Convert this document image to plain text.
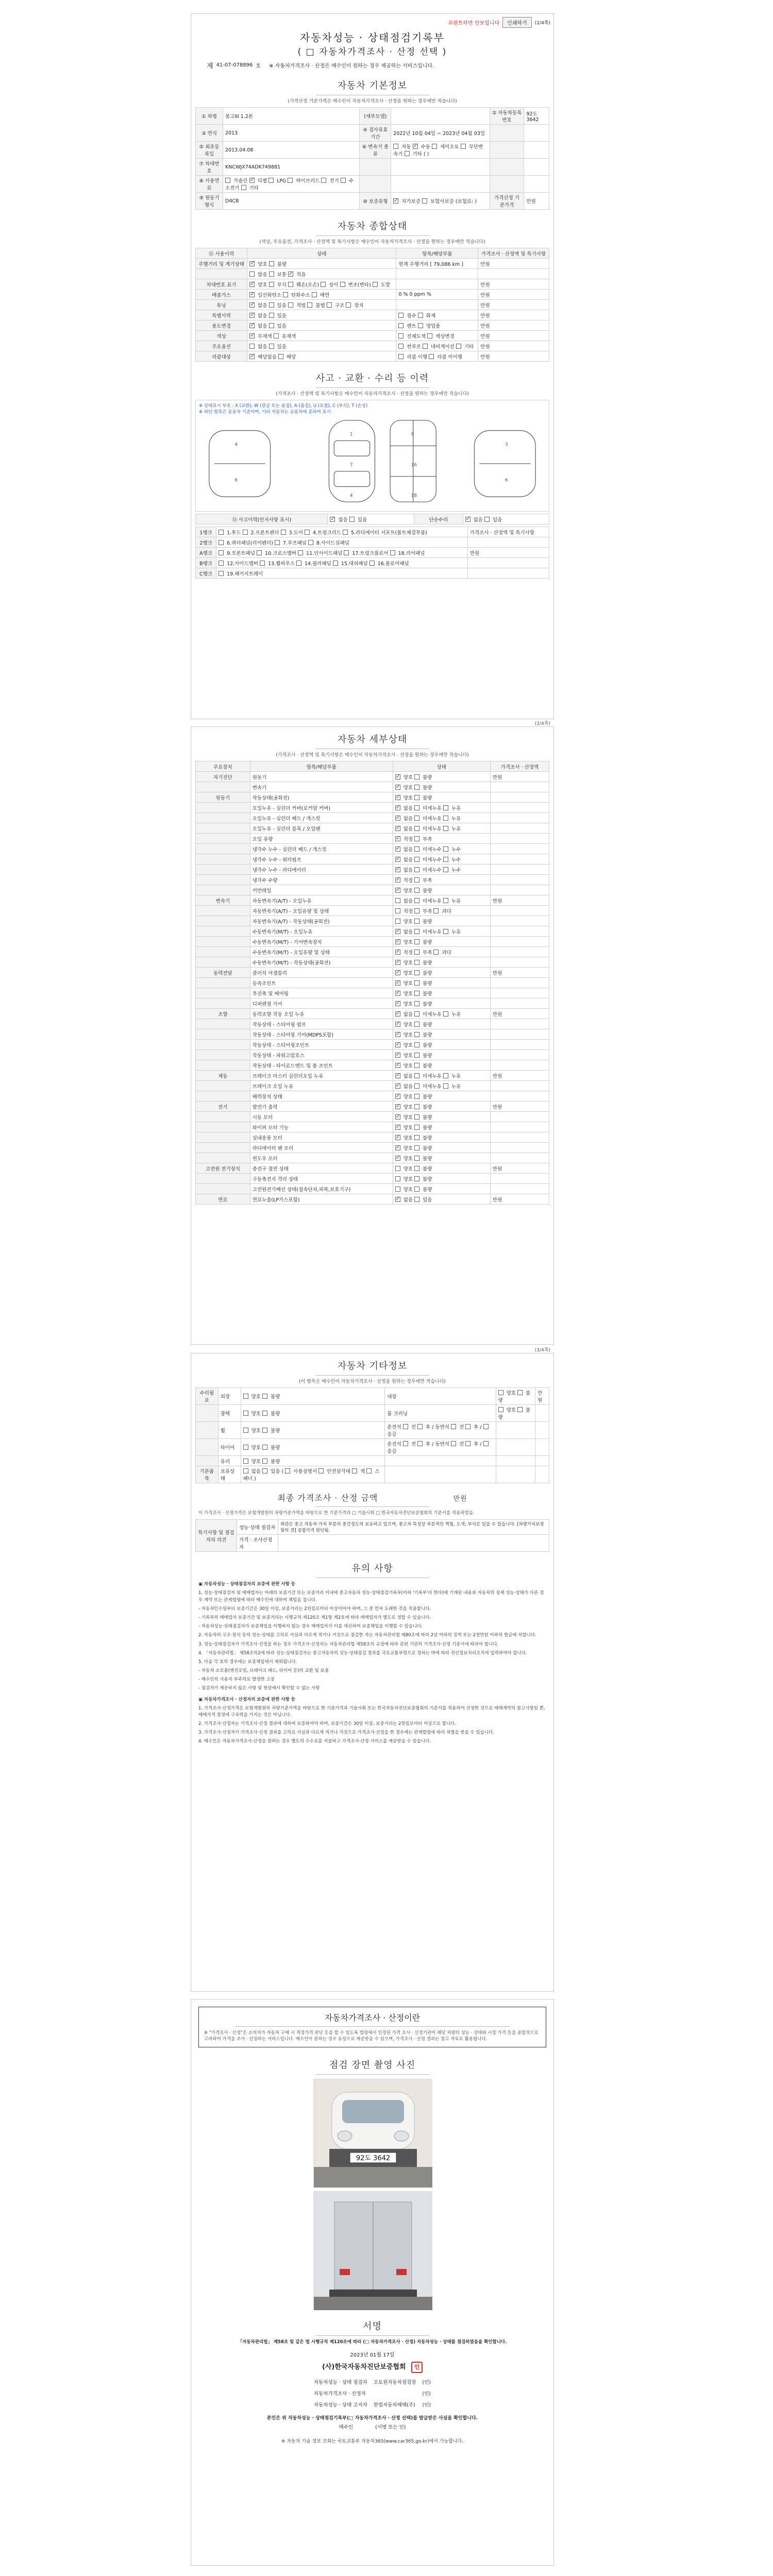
프린트하면 안보입니다	인쇄하기	(1/4쪽)
자동차성능 · 상태점검기록부
( □ 자동차가격조사 · 산정 선택 )
제 41-07-078896 호 ※ 자동차가격조사 · 산정은 매수인이 원하는 경우 제공하는 서비스입니다.
자동차 기본정보
(가격산정 기준가격은 매수인이 자동차가격조사 · 산정을 원하는 경우에만 적습니다)
① 차명	봉고III 1.2톤	(세부모델)		② 자동차등록번호	92도3642
③ 연식	2013	④ 검사유효기간	2022년 10월 04일 ~ 2023년 04월 03일		
⑤ 최초등록일	2013.04.08	⑥ 변속기 종류	자동 ✓ 수동  세미오토  무단변속기  기타 ( )		
⑦ 차대번호	KNCWJX74ADK749881				
⑧ 사용연료	가솔린 ✓ 디젤  LPG  하이브리드  전기  수소전기  기타				
⑨ 원동기형식	D4CB	⑩ 보증유형	✓ 자가보증  보험사보증 (보험료: )	가격산정 기준가격	만원
자동차 종합상태
(색상, 주요옵션, 가격조사 · 산정액 및 특기사항은 매수인이 자동차가격조사 · 산정을 원하는 경우에만 적습니다)
⑪ 사용이력	상태	항목/해당부품	가격조사 · 산정액 및 특기사항
주행거리 및 계기상태	✓ 양호  불량	현재 주행거리 [ 79,086 km ]	만원
	많음  보통 ✓ 적음		
차대번호 표기	✓ 양호  부식  훼손(오손)  상이  변조(변타)  도말		만원
배출가스	✓ 일산화탄소  탄화수소  매연	0 % 0 ppm %	만원
튜닝	✓ 없음  있음  적법  불법  구조  장치		만원
특별이력	✓ 없음  있음	침수  화재	만원
용도변경	✓ 없음  있음	렌트  영업용	만원
색상	✓ 무채색  유채색	전체도색  색상변경	만원
주요옵션	없음  있음	썬루프  네비게이션  기타	만원
리콜대상	✓ 해당없음  해당	리콜 이행  리콜 미이행	만원
사고 · 교환 · 수리 등 이력
(가격조사 · 산정액 및 특기사항은 매수인이 자동차가격조사 · 산정을 원하는 경우에만 적습니다)
※ 상태표시 부호 : X (교환), W (판금 또는 용접), A (흠집), U (요철), C (부식), T (손상)
※ 하단 항목은 승용차 기준이며, 기타 자동차는 승용차에 준하여 표시
4
6
1
7
4
9
16
18
3
6
⑬ 사고이력(인지사항 표시)	✓ 없음  있음	단순수리	✓ 없음  있음
1랭크	1.후드  2.프론트펜더  3.도어  4.트렁크리드  5.라디에이터 서포트(볼트체결부품)	가격조사 · 산정액 및 특기사항
2랭크	6.쿼터패널(리어펜더)  7.루프패널  8.사이드실패널	
A랭크	9.프론트패널  10.크로스멤버  11.인사이드패널  17.트렁크플로어  18.리어패널	만원
B랭크	12.사이드멤버  13.휠하우스  14.필러패널  15.대쉬패널  16.플로어패널	
C랭크	19.패키지트레이	
(2/4쪽)
자동차 세부상태
(가격조사 · 산정액 및 특기사항은 매수인이 자동차가격조사 · 산정을 원하는 경우에만 적습니다)
주요장치	항목/해당부품	상태	가격조사 · 산정액
자기진단	원동기	✓ 양호  불량	만원
	변속기	✓ 양호  불량	
원동기	작동상태(공회전)	✓ 양호  불량	
	오일누유 - 실린더 커버(로커암 커버)	✓ 없음  미세누유  누유	
	오일누유 - 실린더 헤드 / 개스킷	✓ 없음  미세누유  누유	
	오일누유 - 실린더 블록 / 오일팬	✓ 없음  미세누유  누유	
	오일 유량	✓ 적정  부족	
	냉각수 누수 - 실린더 헤드 / 개스킷	✓ 없음  미세누수  누수	
	냉각수 누수 - 워터펌프	✓ 없음  미세누수  누수	
	냉각수 누수 - 라디에이터	✓ 없음  미세누수  누수	
	냉각수 수량	✓ 적정  부족	
	커먼레일	✓ 양호  불량	
변속기	자동변속기(A/T) - 오일누유	없음  미세누유  누유	만원
	자동변속기(A/T) - 오일유량 및 상태	적정  부족  과다	
	자동변속기(A/T) - 작동상태(공회전)	양호  불량	
	수동변속기(M/T) - 오일누유	✓ 없음  미세누유  누유	
	수동변속기(M/T) - 기어변속장치	✓ 양호  불량	
	수동변속기(M/T) - 오일유량 및 상태	✓ 적정  부족  과다	
	수동변속기(M/T) - 작동상태(공회전)	✓ 양호  불량	
동력전달	클러치 어셈블리	✓ 양호  불량	만원
	등속조인트	✓ 양호  불량	
	추진축 및 베어링	✓ 양호  불량	
	디퍼렌셜 기어	✓ 양호  불량	
조향	동력조향 작동 오일 누유	✓ 없음  미세누유  누유	만원
	작동상태 - 스티어링 펌프	✓ 양호  불량	
	작동상태 - 스티어링 기어(MDPS포함)	✓ 양호  불량	
	작동상태 - 스티어링조인트	✓ 양호  불량	
	작동상태 - 파워고압호스	✓ 양호  불량	
	작동상태 - 타이로드엔드 및 볼 조인트	✓ 양호  불량	
제동	브레이크 마스터 실린더오일 누유	✓ 없음  미세누유  누유	만원
	브레이크 오일 누유	✓ 없음  미세누유  누유	
	배력장치 상태	✓ 양호  불량	
전기	발전기 출력	✓ 양호  불량	만원
	시동 모터	✓ 양호  불량	
	와이퍼 모터 기능	✓ 양호  불량	
	실내송풍 모터	✓ 양호  불량	
	라디에이터 팬 모터	✓ 양호  불량	
	윈도우 모터	✓ 양호  불량	
고전원 전기장치	충전구 절연 상태	양호  불량	만원
	구동축전지 격리 상태	양호  불량	
	고전원전기배선 상태(접속단자,피복,보호기구)	양호  불량	
연료	연료누출(LP가스포함)	✓ 없음  있음	만원
(3/4쪽)
자동차 기타정보
(이 항목은 매수인이 자동차가격조사 · 산정을 원하는 경우에만 적습니다)
수리필요	외장	양호  불량	내장	양호  불량	만원
	광택	양호  불량	룸 크리닝	양호  불량	
	휠	양호  불량	운전석  전  후 / 동반석  전  후 /  응급		
	타이어	양호  불량	운전석  전  후 / 동반석  전  후 /  응급		
	유리	양호  불량			
기본품목	보유상태	없음  있음 (  사용설명서  안전삼각대  잭  스패너 )			
최종 가격조사 · 산정 금액	만원
이 가격조사 · 산정가격은 보험개발원의 차량기준가액을 바탕으로 한 기준가격과 □ 기술사회 □ 한국자동차진단보증협회의 기준서를 적용하였음.
특기사항 및 점검자의 의견	성능·상태 점검자	외관은 중고 자동차 가치 부분의 중간정도의 보유하고 있으며, 중고차 특성상 부분적인 찍힘, 도색, 부식은 있을 수 있습니다. [차량가치보장및의 견] 종합가격 판단됨.
	가격 · 조사산정자	
유의 사항

▣ 자동차성능 · 상태점검자의 보증에 관한 사항 등

1. 성능·상태점검자 및 매매업자는 아래의 보증기간 또는 보증거리 이내에 중고자동차 성능·상태점검기록부(이하 '기록부'라 한다)에 기재된 내용과 자동차의 실제 성능·상태가 다른 경우 계약 또는 관계법령에 따라 매수인에 대하여 책임을 집니다.

- 자동차인수일부터 보증기간은 30일 이상, 보증거리는 2천킬로미터 이상이어야 하며, 그 중 먼저 도래한 것을 적용합니다.

- 기록부의 매매업자 보증기간 및 보증거리는 시행규칙 제120조 제1항 제2호에 따라 매매업자가 별도로 정할 수 있습니다.

- 자동차성능·상태점검자가 보증책임을 이행하지 않는 경우 매매업자가 이를 대신하여 보증책임을 이행할 수 있습니다.

2. 자동차의 구조·장치 등의 성능·상태를 고의로 사실과 다르게 적거나 거짓으로 점검한 자는 자동차관리법 제80조에 따라 2년 이하의 징역 또는 2천만원 이하의 벌금에 처합니다.

3. 성능·상태점검자가 가격조사·산정을 하는 경우 가격조사·산정자는 자동차관리법 제58조의 규정에 따라 관련 기관의 가격조사·산정 기준서에 따라야 합니다.

4. 「자동차관리법」 제58조의2에 따라 성능·상태점검자는 중고자동차의 성능·상태점검 결과를 국토교통부령으로 정하는 바에 따라 전산정보처리조직에 입력하여야 합니다.

5. 다음 각 호의 경우에는 보증책임에서 제외됩니다.

- 자동차 소모품(엔진오일, 브레이크 패드, 타이어 등)의 교환 및 보충

- 매수인의 사용자 부주의로 발생한 고장

- 점검자가 제공하지 않은 사항 및 현장에서 확인할 수 없는 사항

▣ 자동차가격조사 · 산정자의 보증에 관한 사항 등

1. 가격조사·산정가격은 보험개발원의 차량기준가액을 바탕으로 한 기준가격과 기술사회 또는 한국자동차진단보증협회의 기준서를 적용하여 산정한 것으로 매매계약의 참고사항일 뿐, 매매가격 결정에 구속력을 가지는 것은 아닙니다.

2. 가격조사·산정자는 가격조사·산정 결과에 대하여 보증하여야 하며, 보증기간은 30일 이상, 보증거리는 2천킬로미터 이상으로 합니다.

3. 가격조사·산정자가 가격조사·산정 결과를 고의로 사실과 다르게 적거나 거짓으로 가격조사·산정을 한 경우에는 관계법령에 따라 처벌을 받을 수 있습니다.

4. 매수인은 자동차가격조사·산정을 원하는 경우 별도의 수수료를 지불하고 가격조사·산정 서비스를 제공받을 수 있습니다.

자동차가격조사 · 산정이란
※ "가격조사 · 산정"은 소비자가 자동차 구매 시 적정가격 판단 등을 할 수 있도록 법령에서 인정된 가격 조사 · 산정기관이 해당 차량의 성능 · 상태와 시장 가격 등을 종합적으로 고려하여 가격을 조사 · 산정하는 서비스입니다. 매수인이 원하는 경우 유상으로 제공받을 수 있으며, 가격조사 · 산정 결과는 참고 자료로 활용됩니다.
점검 장면 촬영 사진
92도 3642
서명
「자동차관리법」 제58조 및 같은 법 시행규칙 제120조에 따라 (□ 자동차가격조사 · 산정) 자동차성능 · 상태를 점검하였음을 확인합니다.
2023년 01월 17일
(사)한국자동차진단보증협회 인
자동차성능 · 상태 점검자	오토원자동차점검장	(인)
자동차가격조사 · 산정자		(인)
자동차성능 · 상태 고지자	한빛자동차매매(주)	(인)
본인은 위 자동차성능 · 상태점검기록부(□ 자동차가격조사 · 산정 선택)를 발급받은 사실을 확인합니다.
매수인	(서명 또는 인)
※ 자동차 기술 정보 조회는 국토교통부 자동차365(www.car365.go.kr)에서 가능합니다.
